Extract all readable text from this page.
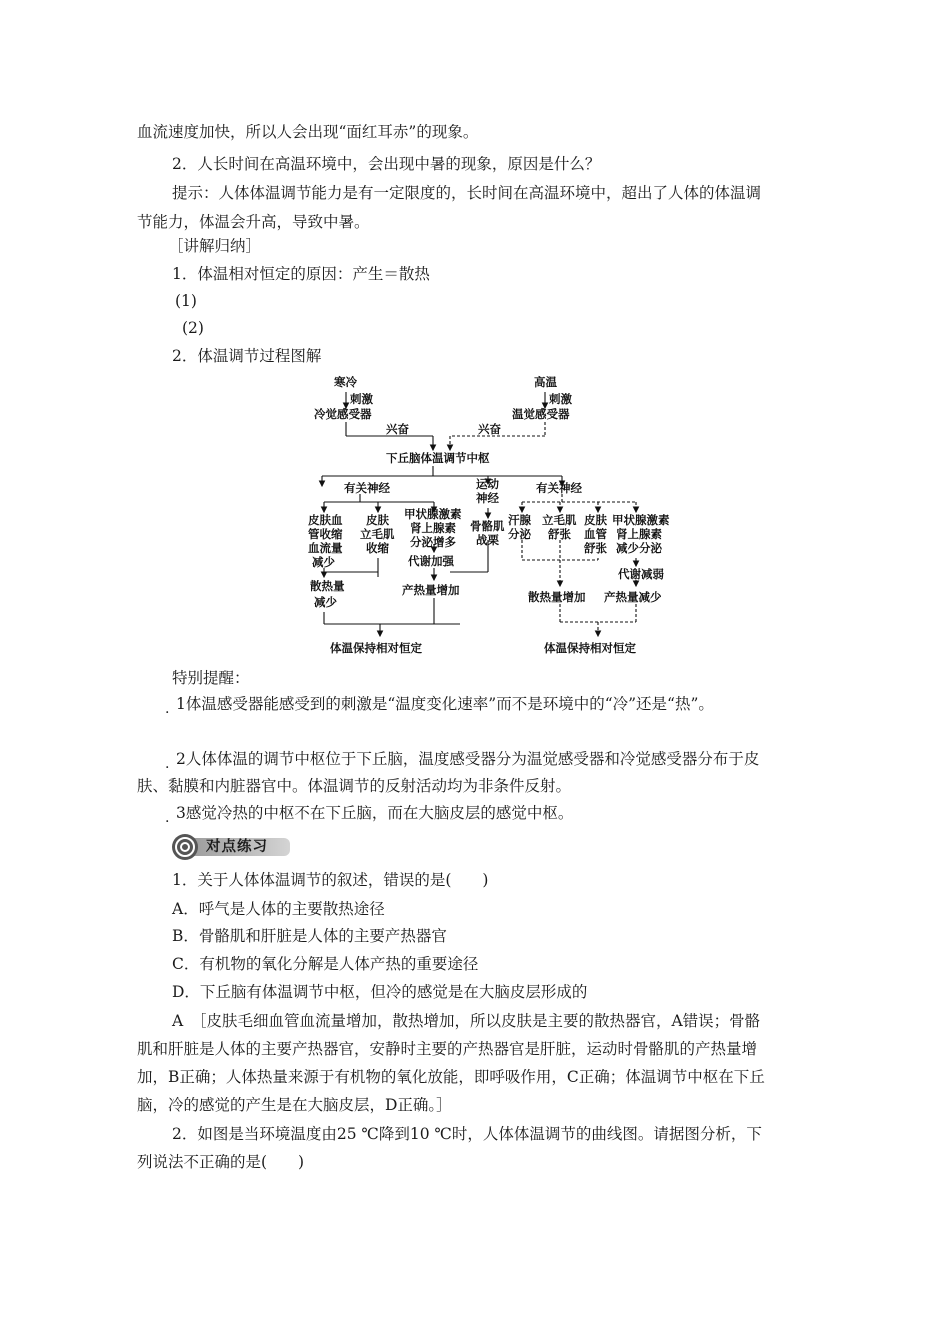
血流速度加快，所以人会出现“面红耳赤”的现象。
2．人长时间在高温环境中，会出现中暑的现象，原因是什么？
提示：人体体温调节能力是有一定限度的，长时间在高温环境中，超出了人体的体温调
节能力，体温会升高，导致中暑。
［讲解归纳］
1．体温相对恒定的原因：产生＝散热
(1)
(2)
2．体温调节过程图解
寒冷
刺激
冷觉感受器
高温
刺激
温觉感受器
兴奋	兴奋
下丘脑体温调节中枢
有关神经	运动
神经
有关神经
皮肤血
管收缩
血流量
减少
皮肤
立毛肌
收缩
甲状腺激素
肾上腺素
分泌增多
骨骼肌
战栗
代谢加强
散热量
减少
产热量增加
体温保持相对恒定
汗腺
分泌
立毛肌
舒张
皮肤
血管
舒张
甲状腺激素
肾上腺素
减少分泌
代谢减弱
散热量增加 产热量减少
体温保持相对恒定
特别提醒：
1体温感受器能感受到的刺激是“温度变化速率”而不是环境中的“冷”还是“热”。
.
2人体体温的调节中枢位于下丘脑，温度感受器分为温觉感受器和冷觉感受器分布于皮
.
肤、黏膜和内脏器官中。体温调节的反射活动均为非条件反射。
3感觉冷热的中枢不在下丘脑，而在大脑皮层的感觉中枢。
.
对点练习
1．关于人体体温调节的叙述，错误的是(　　)
A．呼气是人体的主要散热途径
B．骨骼肌和肝脏是人体的主要产热器官
C．有机物的氧化分解是人体产热的重要途径
D．下丘脑有体温调节中枢，但冷的感觉是在大脑皮层形成的
A　［皮肤毛细血管血流量增加，散热增加，所以皮肤是主要的散热器官，A错误；骨骼
肌和肝脏是人体的主要产热器官，安静时主要的产热器官是肝脏，运动时骨骼肌的产热量增
加，B正确；人体热量来源于有机物的氧化放能，即呼吸作用，C正确；体温调节中枢在下丘
脑，冷的感觉的产生是在大脑皮层，D正确。］
2．如图是当环境温度由25 ℃降到10 ℃时，人体体温调节的曲线图。请据图分析，下
列说法不正确的是(　　)
